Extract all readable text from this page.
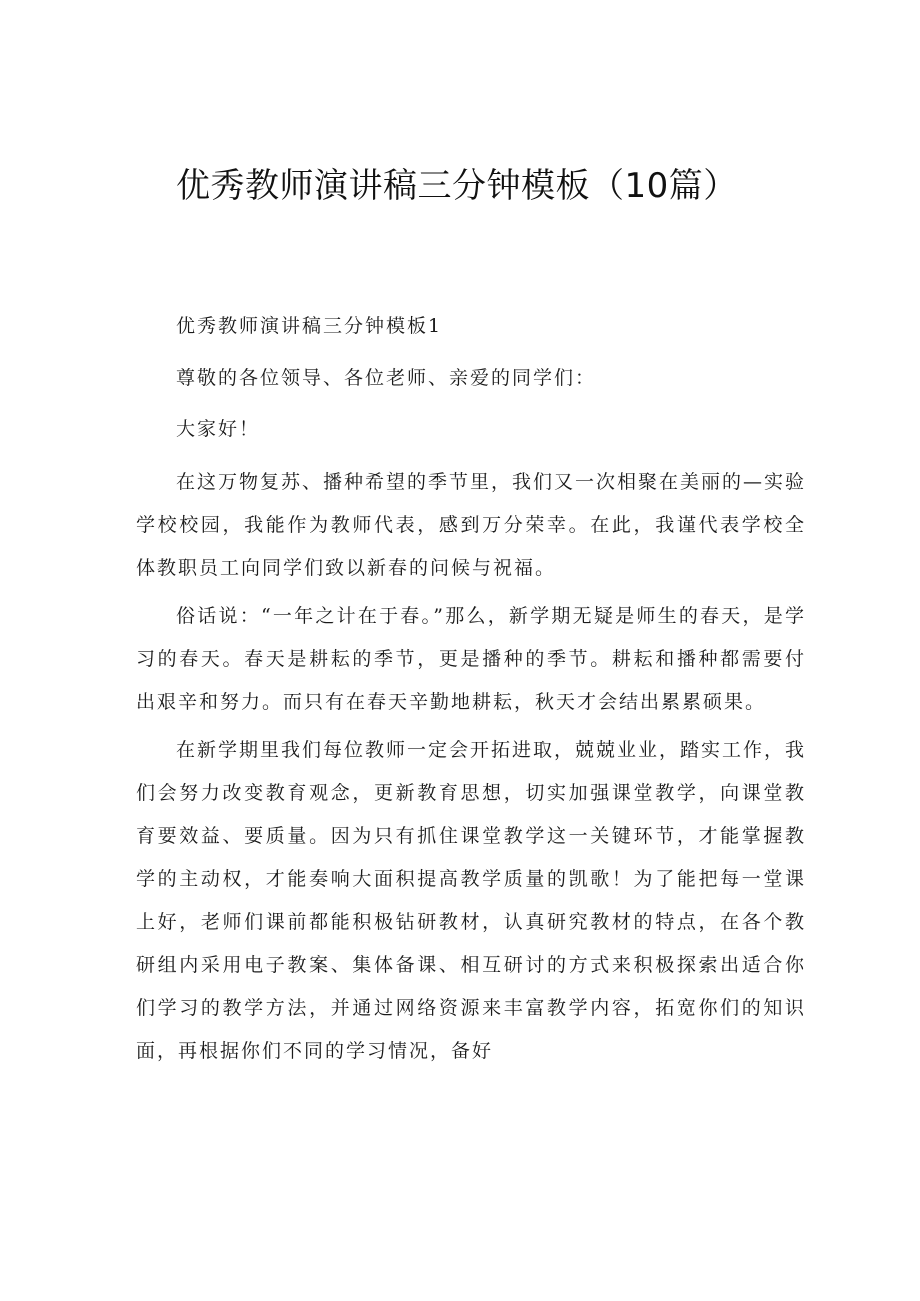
优秀教师演讲稿三分钟模板（10篇）

优秀教师演讲稿三分钟模板1

尊敬的各位领导、各位老师、亲爱的同学们：

大家好！

在这万物复苏、播种希望的季节里，我们又一次相聚在美丽的—实验学校校园，我能作为教师代表，感到万分荣幸。在此，我谨代表学校全体教职员工向同学们致以新春的问候与祝福。

俗话说：“一年之计在于春。”那么，新学期无疑是师生的春天，是学习的春天。春天是耕耘的季节，更是播种的季节。耕耘和播种都需要付出艰辛和努力。而只有在春天辛勤地耕耘，秋天才会结出累累硕果。

在新学期里我们每位教师一定会开拓进取，兢兢业业，踏实工作，我们会努力改变教育观念，更新教育思想，切实加强课堂教学，向课堂教育要效益、要质量。因为只有抓住课堂教学这一关键环节，才能掌握教学的主动权，才能奏响大面积提高教学质量的凯歌！为了能把每一堂课上好，老师们课前都能积极钻研教材，认真研究教材的特点，在各个教研组内采用电子教案、集体备课、相互研讨的方式来积极探索出适合你们学习的教学方法，并通过网络资源来丰富教学内容，拓宽你们的知识面，再根据你们不同的学习情况，备好
